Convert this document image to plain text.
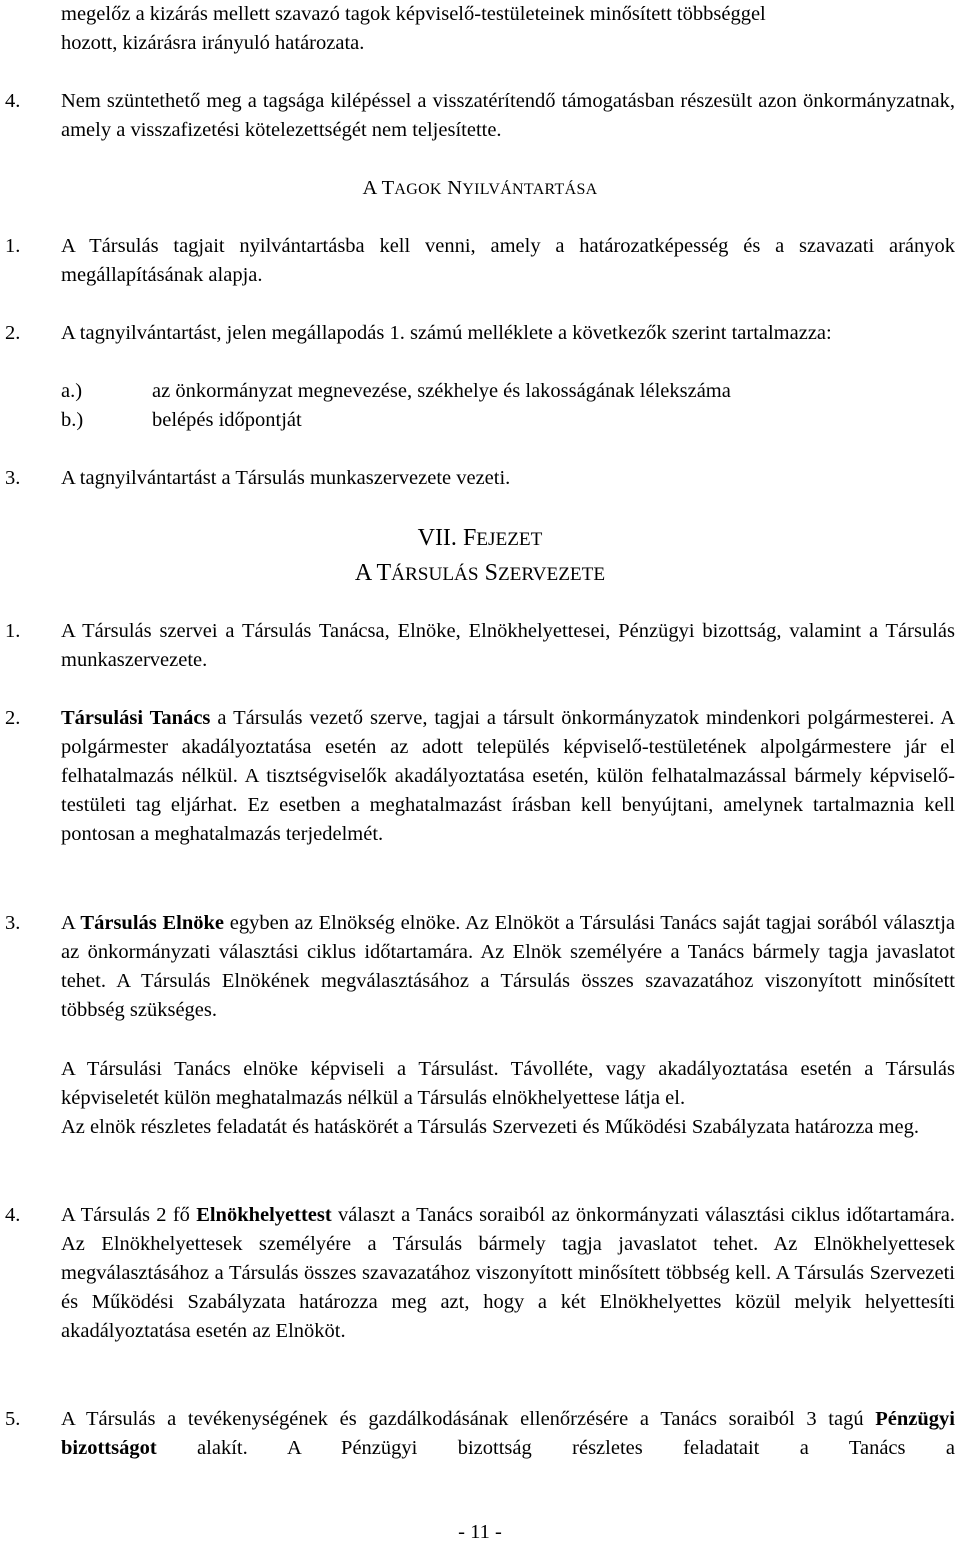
megelőz a kizárás mellett szavazó tagok képviselő-testületeinek minősített többséggel

hozott, kizárásra irányuló határozata.

4. Nem szüntethető meg a tagsága kilépéssel a visszatérítendő támogatásban részesült azon önkormányzatnak, amely a visszafizetési kötelezettségét nem teljesítette.

A TAGOK NYILVÁNTARTÁSA

1. A Társulás tagjait nyilvántartásba kell venni, amely a határozatképesség és a szavazati arányok megállapításának alapja.

2. A tagnyilvántartást, jelen megállapodás 1. számú melléklete a következők szerint tartalmazza:

a.)	az önkormányzat megnevezése, székhelye és lakosságának lélekszáma

b.)	belépés időpontját

3. A tagnyilvántartást a Társulás munkaszervezete vezeti.

VII. FEJEZET

A TÁRSULÁS SZERVEZETE

1. A Társulás szervei a Társulás Tanácsa, Elnöke, Elnökhelyettesei, Pénzügyi bizottság, valamint a Társulás munkaszervezete.

2. Társulási Tanács a Társulás vezető szerve, tagjai a társult önkormányzatok mindenkori polgármesterei. A polgármester akadályoztatása esetén az adott település képviselő-testületének alpolgármestere jár el felhatalmazás nélkül. A tisztségviselők akadályoztatása esetén, külön felhatalmazással bármely képviselő-testületi tag eljárhat. Ez esetben a meghatalmazást írásban kell benyújtani, amelynek tartalmaznia kell pontosan a meghatalmazás terjedelmét.

3. A Társulás Elnöke egyben az Elnökség elnöke. Az Elnököt a Társulási Tanács saját tagjai sorából választja az önkormányzati választási ciklus időtartamára. Az Elnök személyére a Tanács bármely tagja javaslatot tehet. A Társulás Elnökének megválasztásához a Társulás összes szavazatához viszonyított minősített többség szükséges.

A Társulási Tanács elnöke képviseli a Társulást. Távolléte, vagy akadályoztatása esetén a Társulás képviseletét külön meghatalmazás nélkül a Társulás elnökhelyettese látja el.

Az elnök részletes feladatát és hatáskörét a Társulás Szervezeti és Működési Szabályzata határozza meg.

4. A Társulás 2 fő Elnökhelyettest választ a Tanács soraiból az önkormányzati választási ciklus időtartamára. Az Elnökhelyettesek személyére a Társulás bármely tagja javaslatot tehet. Az Elnökhelyettesek megválasztásához a Társulás összes szavazatához viszonyított minősített többség kell. A Társulás Szervezeti és Működési Szabályzata határozza meg azt, hogy a két Elnökhelyettes közül melyik helyettesíti akadályoztatása esetén az Elnököt.

5. A Társulás a tevékenységének és gazdálkodásának ellenőrzésére a Tanács soraiból 3 tagú Pénzügyi bizottságot alakít. A Pénzügyi bizottság részletes feladatait a Tanács a

- 11 -
